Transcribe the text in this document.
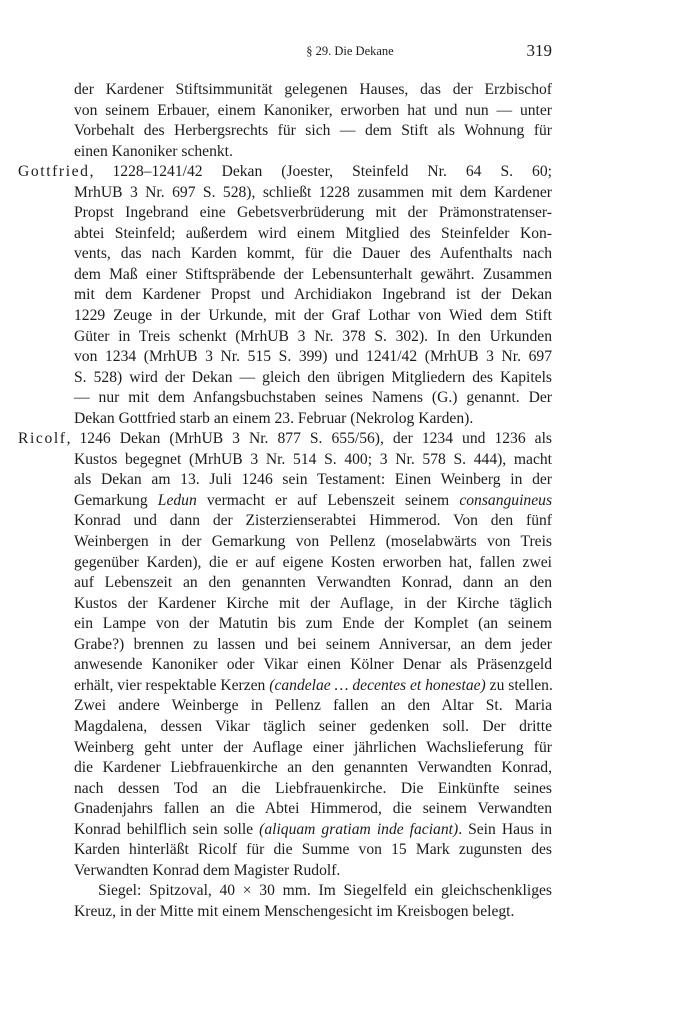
§ 29. Die Dekane	319
der Kardener Stiftsimmunität gelegenen Hauses, das der Erzbischof
von seinem Erbauer, einem Kanoniker, erworben hat und nun — unter
Vorbehalt des Herbergsrechts für sich — dem Stift als Wohnung für
einen Kanoniker schenkt.
Gottfried, 1228–1241/42 Dekan (Joester, Steinfeld Nr. 64 S. 60;
MrhUB 3 Nr. 697 S. 528), schließt 1228 zusammen mit dem Kardener
Propst Ingebrand eine Gebetsverbrüderung mit der Prämonstratenser-
abtei Steinfeld; außerdem wird einem Mitglied des Steinfelder Kon-
vents, das nach Karden kommt, für die Dauer des Aufenthalts nach
dem Maß einer Stiftspräbende der Lebensunterhalt gewährt. Zusammen
mit dem Kardener Propst und Archidiakon Ingebrand ist der Dekan
1229 Zeuge in der Urkunde, mit der Graf Lothar von Wied dem Stift
Güter in Treis schenkt (MrhUB 3 Nr. 378 S. 302). In den Urkunden
von 1234 (MrhUB 3 Nr. 515 S. 399) und 1241/42 (MrhUB 3 Nr. 697
S. 528) wird der Dekan — gleich den übrigen Mitgliedern des Kapitels
— nur mit dem Anfangsbuchstaben seines Namens (G.) genannt. Der
Dekan Gottfried starb an einem 23. Februar (Nekrolog Karden).
Ricolf, 1246 Dekan (MrhUB 3 Nr. 877 S. 655/56), der 1234 und 1236 als
Kustos begegnet (MrhUB 3 Nr. 514 S. 400; 3 Nr. 578 S. 444), macht
als Dekan am 13. Juli 1246 sein Testament: Einen Weinberg in der
Gemarkung Ledun vermacht er auf Lebenszeit seinem consanguineus
Konrad und dann der Zisterzienserabtei Himmerod. Von den fünf
Weinbergen in der Gemarkung von Pellenz (moselabwärts von Treis
gegenüber Karden), die er auf eigene Kosten erworben hat, fallen zwei
auf Lebenszeit an den genannten Verwandten Konrad, dann an den
Kustos der Kardener Kirche mit der Auflage, in der Kirche täglich
ein Lampe von der Matutin bis zum Ende der Komplet (an seinem
Grabe?) brennen zu lassen und bei seinem Anniversar, an dem jeder
anwesende Kanoniker oder Vikar einen Kölner Denar als Präsenzgeld
erhält, vier respektable Kerzen (candelae … decentes et honestae) zu stellen.
Zwei andere Weinberge in Pellenz fallen an den Altar St. Maria
Magdalena, dessen Vikar täglich seiner gedenken soll. Der dritte
Weinberg geht unter der Auflage einer jährlichen Wachslieferung für
die Kardener Liebfrauenkirche an den genannten Verwandten Konrad,
nach dessen Tod an die Liebfrauenkirche. Die Einkünfte seines
Gnadenjahrs fallen an die Abtei Himmerod, die seinem Verwandten
Konrad behilflich sein solle (aliquam gratiam inde faciant). Sein Haus in
Karden hinterläßt Ricolf für die Summe von 15 Mark zugunsten des
Verwandten Konrad dem Magister Rudolf.
Siegel: Spitzoval, 40 × 30 mm. Im Siegelfeld ein gleichschenkliges
Kreuz, in der Mitte mit einem Menschengesicht im Kreisbogen belegt.
